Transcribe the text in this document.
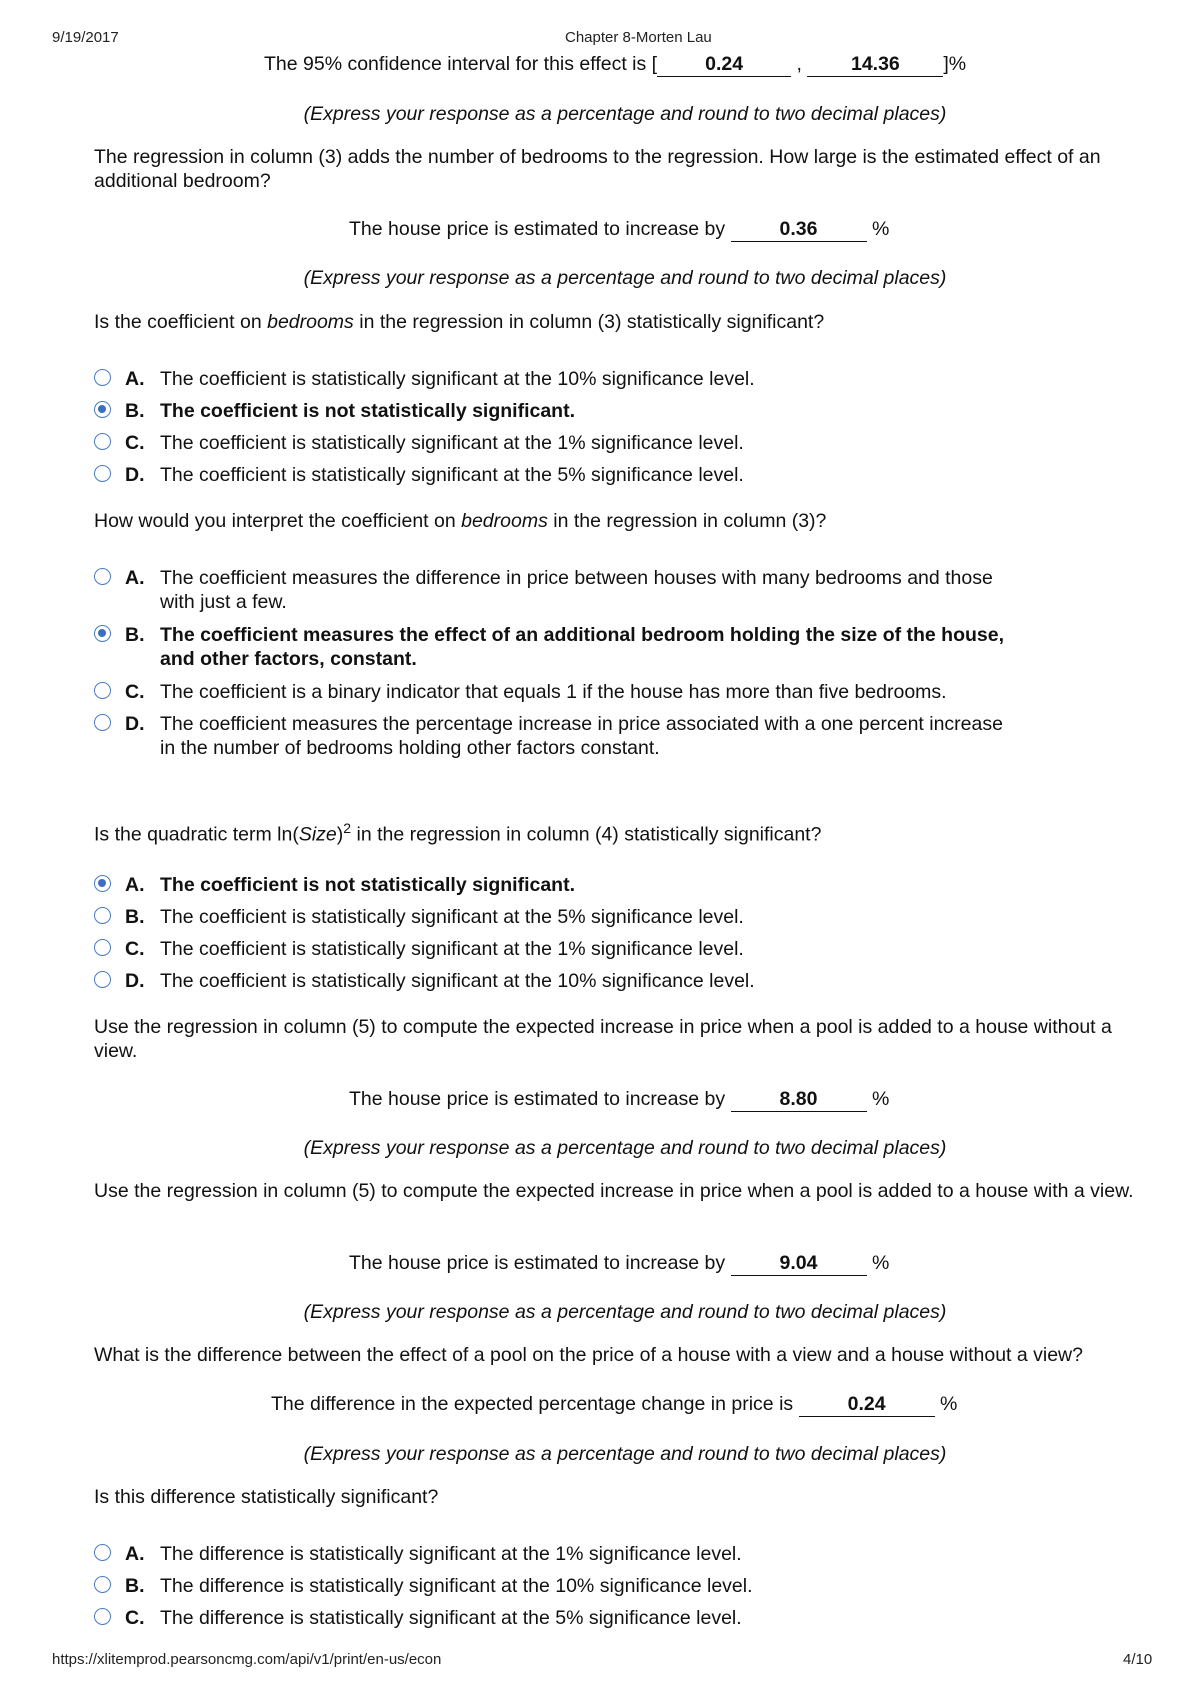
9/19/2017	Chapter 8-Morten Lau
The 95% confidence interval for this effect is [ 0.24	,	14.36 ]%
(Express your response as a percentage and round to two decimal places)
The regression in column (3) adds the number of bedrooms to the regression. How large is the estimated effect of an additional bedroom?
The house price is estimated to increase by	0.36	%
(Express your response as a percentage and round to two decimal places)
Is the coefficient on bedrooms in the regression in column (3) statistically significant?
A. The coefficient is statistically significant at the 10% significance level.
B. The coefficient is not statistically significant.
C. The coefficient is statistically significant at the 1% significance level.
D. The coefficient is statistically significant at the 5% significance level.
How would you interpret the coefficient on bedrooms in the regression in column (3)?
A. The coefficient measures the difference in price between houses with many bedrooms and those with just a few.
B. The coefficient measures the effect of an additional bedroom holding the size of the house, and other factors, constant.
C. The coefficient is a binary indicator that equals 1 if the house has more than five bedrooms.
D. The coefficient measures the percentage increase in price associated with a one percent increase in the number of bedrooms holding other factors constant.
Is the quadratic term ln(Size)$^2$ in the regression in column (4) statistically significant?
A. The coefficient is not statistically significant.
B. The coefficient is statistically significant at the 5% significance level.
C. The coefficient is statistically significant at the 1% significance level.
D. The coefficient is statistically significant at the 10% significance level.
Use the regression in column (5) to compute the expected increase in price when a pool is added to a house without a view.
The house price is estimated to increase by	8.80	%
(Express your response as a percentage and round to two decimal places)
Use the regression in column (5) to compute the expected increase in price when a pool is added to a house with a view.
The house price is estimated to increase by	9.04	%
(Express your response as a percentage and round to two decimal places)
What is the difference between the effect of a pool on the price of a house with a view and a house without a view?
The difference in the expected percentage change in price is	0.24	%
(Express your response as a percentage and round to two decimal places)
Is this difference statistically significant?
A. The difference is statistically significant at the 1% significance level.
B. The difference is statistically significant at the 10% significance level.
C. The difference is statistically significant at the 5% significance level.
https://xlitemprod.pearsoncmg.com/api/v1/print/en-us/econ	4/10
